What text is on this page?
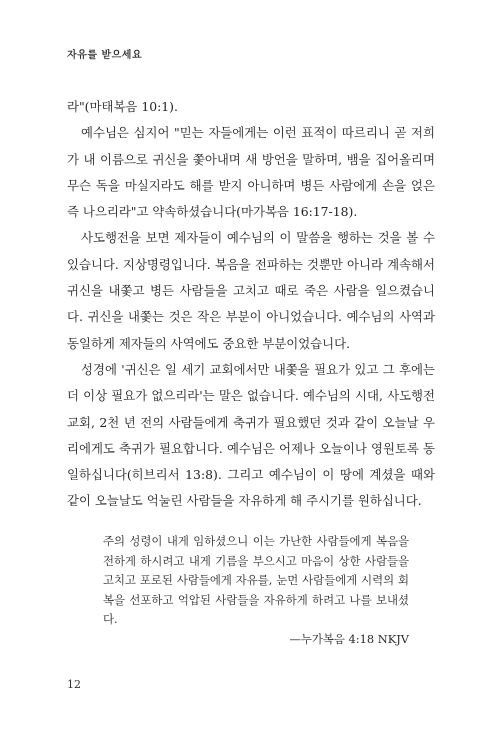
자유를 받으세요

라"(마태복음 10:1).

예수님은 심지어 "믿는 자들에게는 이런 표적이 따르리니 곧 저희가 내 이름으로 귀신을 쫓아내며 새 방언을 말하며, 뱀을 집어올리며 무슨 독을 마실지라도 해를 받지 아니하며 병든 사람에게 손을 얹은즉 나으리라"고 약속하셨습니다(마가복음 16:17-18).

사도행전을 보면 제자들이 예수님의 이 말씀을 행하는 것을 볼 수 있습니다. 지상명령입니다. 복음을 전파하는 것뿐만 아니라 계속해서 귀신을 내쫓고 병든 사람들을 고치고 때로 죽은 사람을 일으켰습니다. 귀신을 내쫓는 것은 작은 부분이 아니었습니다. 예수님의 사역과 동일하게 제자들의 사역에도 중요한 부분이었습니다.

성경에 '귀신은 일 세기 교회에서만 내쫓을 필요가 있고 그 후에는 더 이상 필요가 없으리라'는 말은 없습니다. 예수님의 시대, 사도행전 교회, 2천 년 전의 사람들에게 축귀가 필요했던 것과 같이 오늘날 우리에게도 축귀가 필요합니다. 예수님은 어제나 오늘이나 영원토록 동일하십니다(히브리서 13:8). 그리고 예수님이 이 땅에 계셨을 때와 같이 오늘날도 억눌린 사람들을 자유하게 해 주시기를 원하십니다.

주의 성령이 내게 임하셨으니 이는 가난한 사람들에게 복음을 전하게 하시려고 내게 기름을 부으시고 마음이 상한 사람들을 고치고 포로된 사람들에게 자유를, 눈먼 사람들에게 시력의 회복을 선포하고 억압된 사람들을 자유하게 하려고 나를 보내셨다.

—누가복음 4:18 NKJV

12
